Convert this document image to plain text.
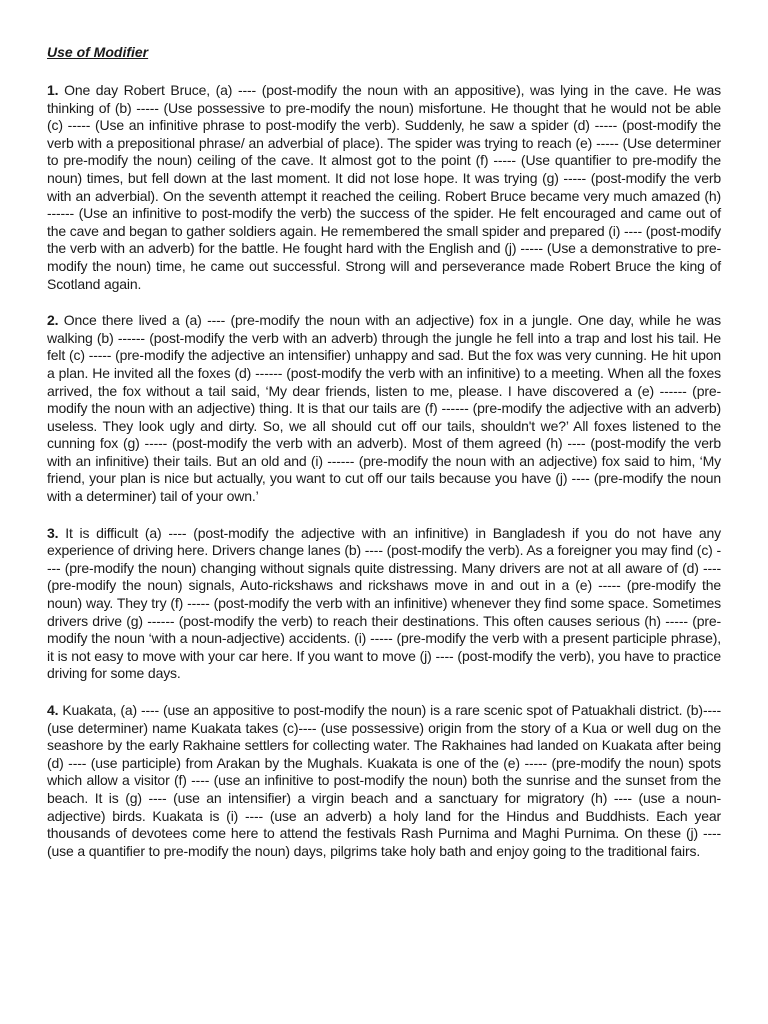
Use of Modifier

1. One day Robert Bruce, (a) ---- (post-modify the noun with an appositive), was lying in the cave. He was thinking of (b) ----- (Use possessive to pre-modify the noun) misfortune. He thought that he would not be able (c) ----- (Use an infinitive phrase to post-modify the verb). Suddenly, he saw a spider (d) ----- (post-modify the verb with a prepositional phrase/ an adverbial of place). The spider was trying to reach (e) ----- (Use determiner to pre-modify the noun) ceiling of the cave. It almost got to the point (f) ----- (Use quantifier to pre-modify the noun) times, but fell down at the last moment. It did not lose hope. It was trying (g) ----- (post-modify the verb with an adverbial). On the seventh attempt it reached the ceiling. Robert Bruce became very much amazed (h) ------ (Use an infinitive to post-modify the verb) the success of the spider. He felt encouraged and came out of the cave and began to gather soldiers again. He remembered the small spider and prepared (i) ---- (post-modify the verb with an adverb) for the battle. He fought hard with the English and (j) ----- (Use a demonstrative to pre-modify the noun) time, he came out successful. Strong will and perseverance made Robert Bruce the king of Scotland again.

2. Once there lived a (a) ---- (pre-modify the noun with an adjective) fox in a jungle. One day, while he was walking (b) ------ (post-modify the verb with an adverb) through the jungle he fell into a trap and lost his tail. He felt (c) ----- (pre-modify the adjective an intensifier) unhappy and sad. But the fox was very cunning. He hit upon a plan. He invited all the foxes (d) ------ (post-modify the verb with an infinitive) to a meeting. When all the foxes arrived, the fox without a tail said, ‘My dear friends, listen to me, please. I have discovered a (e) ------ (pre-modify the noun with an adjective) thing. It is that our tails are (f) ------ (pre-modify the adjective with an adverb) useless. They look ugly and dirty. So, we all should cut off our tails, shouldn't we?’ All foxes listened to the cunning fox (g) ----- (post-modify the verb with an adverb). Most of them agreed (h) ---- (post-modify the verb with an infinitive) their tails. But an old and (i) ------ (pre-modify the noun with an adjective) fox said to him, ‘My friend, your plan is nice but actually, you want to cut off our tails because you have (j) ---- (pre-modify the noun with a determiner) tail of your own.’

3. It is difficult (a) ---- (post-modify the adjective with an infinitive) in Bangladesh if you do not have any experience of driving here. Drivers change lanes (b) ---- (post-modify the verb). As a foreigner you may find (c) ---- (pre-modify the noun) changing without signals quite distressing. Many drivers are not at all aware of (d) ---- (pre-modify the noun) signals, Auto-rickshaws and rickshaws move in and out in a (e) ----- (pre-modify the noun) way. They try (f) ----- (post-modify the verb with an infinitive) whenever they find some space. Sometimes drivers drive (g) ------ (post-modify the verb) to reach their destinations. This often causes serious (h) ----- (pre-modify the noun ‘with a noun-adjective) accidents. (i) ----- (pre-modify the verb with a present participle phrase), it is not easy to move with your car here. If you want to move (j) ---- (post-modify the verb), you have to practice driving for some days.

4. Kuakata, (a) ---- (use an appositive to post-modify the noun) is a rare scenic spot of Patuakhali district. (b)---- (use determiner) name Kuakata takes (c)---- (use possessive) origin from the story of a Kua or well dug on the seashore by the early Rakhaine settlers for collecting water. The Rakhaines had landed on Kuakata after being (d) ---- (use participle) from Arakan by the Mughals. Kuakata is one of the (e) ----- (pre-modify the noun) spots which allow a visitor (f) ---- (use an infinitive to post-modify the noun) both the sunrise and the sunset from the beach. It is (g) ---- (use an intensifier) a virgin beach and a sanctuary for migratory (h) ---- (use a noun- adjective) birds. Kuakata is (i) ---- (use an adverb) a holy land for the Hindus and Buddhists. Each year thousands of devotees come here to attend the festivals Rash Purnima and Maghi Purnima. On these (j) ---- (use a quantifier to pre-modify the noun) days, pilgrims take holy bath and enjoy going to the traditional fairs.
